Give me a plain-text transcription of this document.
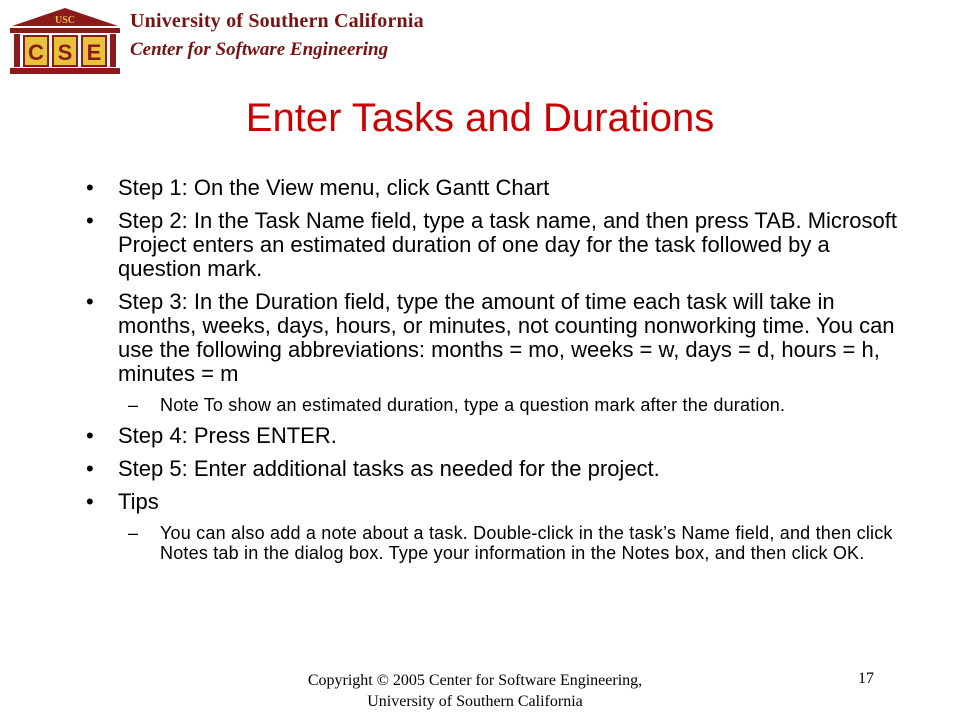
USC
C S E
University of Southern California
Center for Software Engineering
Enter Tasks and Durations
• Step 1: On the View menu, click Gantt Chart
• Step 2: In the Task Name field, type a task name, and then press TAB. Microsoft Project enters an estimated duration of one day for the task followed by a question mark.
• Step 3: In the Duration field, type the amount of time each task will take in months, weeks, days, hours, or minutes, not counting nonworking time. You can use the following abbreviations: months = mo, weeks = w, days = d, hours = h, minutes = m
– Note To show an estimated duration, type a question mark after the duration.
• Step 4: Press ENTER.
• Step 5: Enter additional tasks as needed for the project.
• Tips
– You can also add a note about a task. Double-click in the task’s Name field, and then click Notes tab in the dialog box. Type your information in the Notes box, and then click OK.
Copyright © 2005 Center for Software Engineering,
University of Southern California
17
